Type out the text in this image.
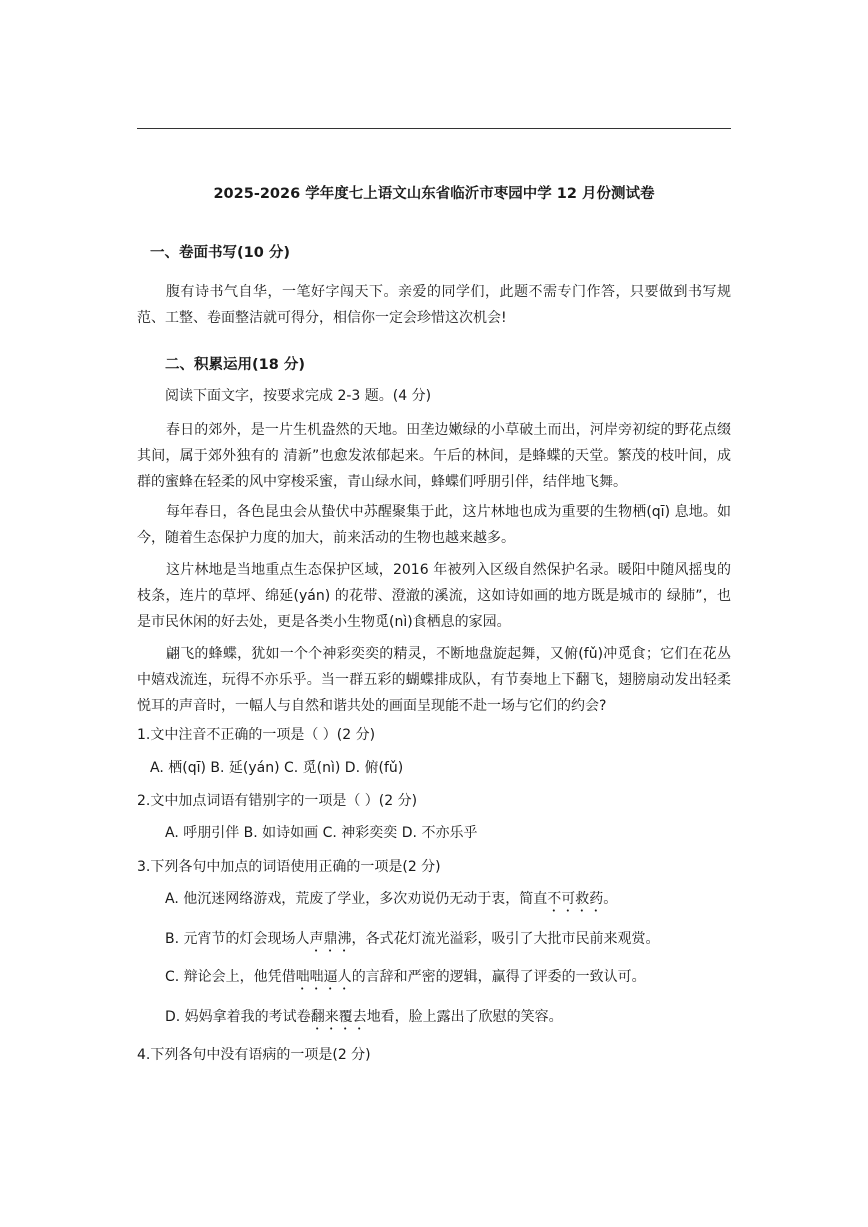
2025-2026 学年度七上语文山东省临沂市枣园中学 12 月份测试卷
一、卷面书写(10 分)
腹有诗书气自华，一笔好字闯天下。亲爱的同学们，此题不需专门作答，只要做到书写规范、工整、卷面整洁就可得分，相信你一定会珍惜这次机会!
二、积累运用(18 分)
阅读下面文字，按要求完成 2-3 题。(4 分)
春日的郊外，是一片生机盎然的天地。田垄边嫩绿的小草破土而出，河岸旁初绽的野花点缀其间，属于郊外独有的 清新”也愈发浓郁起来。午后的林间，是蜂蝶的天堂。繁茂的枝叶间，成群的蜜蜂在轻柔的风中穿梭采蜜，青山绿水间，蜂蝶们呼朋引伴，结伴地飞舞。
每年春日，各色昆虫会从蛰伏中苏醒聚集于此，这片林地也成为重要的生物栖(qī) 息地。如今，随着生态保护力度的加大，前来活动的生物也越来越多。
这片林地是当地重点生态保护区域，2016 年被列入区级自然保护名录。暖阳中随风摇曳的枝条，连片的草坪、绵延(yán) 的花带、澄澈的溪流，这如诗如画的地方既是城市的 绿肺”，也是市民休闲的好去处，更是各类小生物觅(nì)食栖息的家园。
翩飞的蜂蝶，犹如一个个神彩奕奕的精灵，不断地盘旋起舞，又俯(fǔ)冲觅食；它们在花丛中嬉戏流连，玩得不亦乐乎。当一群五彩的蝴蝶排成队，有节奏地上下翻飞，翅膀扇动发出轻柔悦耳的声音时，一幅人与自然和谐共处的画面呈现能不赴一场与它们的约会?
1.文中注音不正确的一项是（ ）(2 分)
A. 栖(qī) B. 延(yán) C. 觅(nì) D. 俯(fǔ)
2.文中加点词语有错别字的一项是（ ）(2 分)
A. 呼朋引伴 B. 如诗如画 C. 神彩奕奕 D. 不亦乐乎
3.下列各句中加点的词语使用正确的一项是(2 分)
A. 他沉迷网络游戏，荒废了学业，多次劝说仍无动于衷，简直不可救药。
B. 元宵节的灯会现场人声鼎沸，各式花灯流光溢彩，吸引了大批市民前来观赏。
C. 辩论会上，他凭借咄咄逼人的言辞和严密的逻辑，赢得了评委的一致认可。
D. 妈妈拿着我的考试卷翻来覆去地看，脸上露出了欣慰的笑容。
4.下列各句中没有语病的一项是(2 分)
